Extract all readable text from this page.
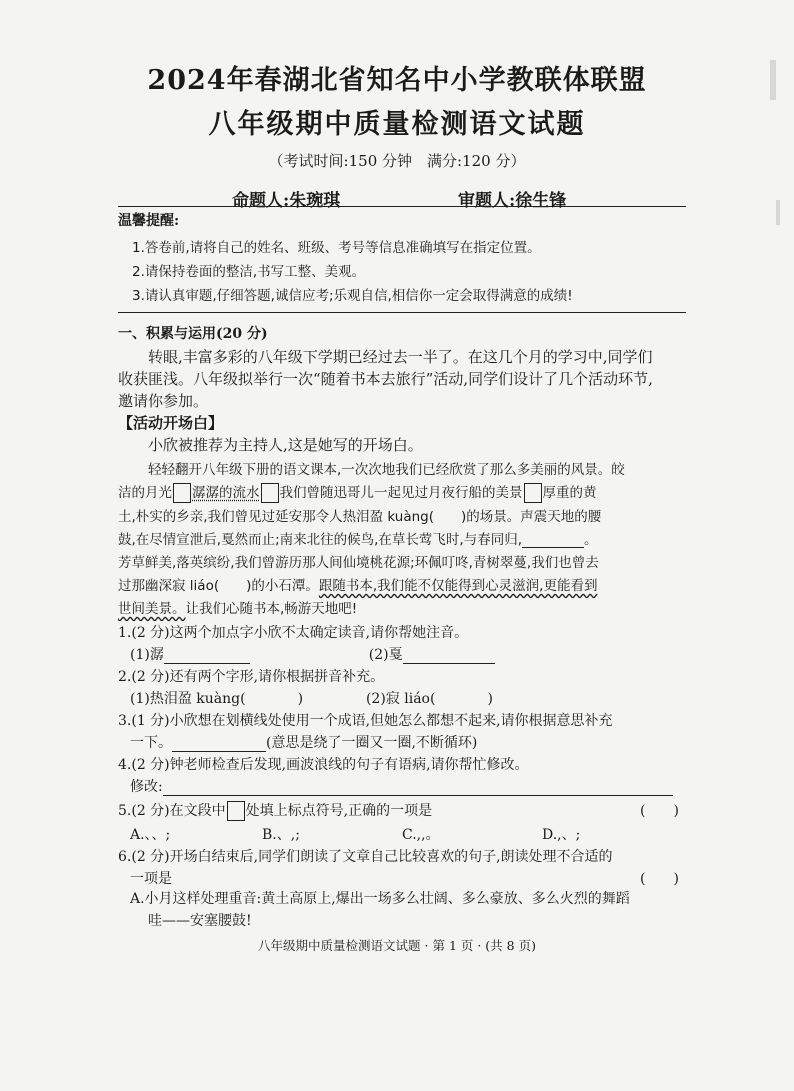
2024年春湖北省知名中小学教联体联盟
八年级期中质量检测语文试题
（考试时间:150 分钟　满分:120 分）
命题人:朱琬琪	审题人:徐生锋
温馨提醒:
1.答卷前,请将自己的姓名、班级、考号等信息准确填写在指定位置。
2.请保持卷面的整洁,书写工整、美观。
3.请认真审题,仔细答题,诚信应考;乐观自信,相信你一定会取得满意的成绩!
一、积累与运用(20 分)
转眼,丰富多彩的八年级下学期已经过去一半了。在这几个月的学习中,同学们
收获匪浅。八年级拟举行一次“随着书本去旅行”活动,同学们设计了几个活动环节,
邀请你参加。
【活动开场白】
小欣被推荐为主持人,这是她写的开场白。
轻轻翻开八年级下册的语文课本,一次次地我们已经欣赏了那么多美丽的风景。皎
洁的月光 潺潺的流水 我们曾随迅哥儿一起见过月夜行船的美景 厚重的黄
土,朴实的乡亲,我们曾见过延安那令人热泪盈 kuàng(　　)的场景。声震天地的腰
鼓,在尽情宣泄后,戛然而止;南来北往的候鸟,在草长莺飞时,与春同归,	。
芳草鲜美,落英缤纷,我们曾游历那人间仙境桃花源;环佩叮咚,青树翠蔓,我们也曾去
过那幽深寂 liáo(　　)的小石潭。跟随书本,我们能不仅能得到心灵滋润,更能看到
世间美景。让我们心随书本,畅游天地吧!
1.(2 分)这两个加点字小欣不太确定读音,请你帮她注音。
(1)潺	(2)戛
2.(2 分)还有两个字形,请你根据拼音补充。
(1)热泪盈 kuàng(	)	(2)寂 liáo(	)
3.(1 分)小欣想在划横线处使用一个成语,但她怎么都想不起来,请你根据意思补充
一下。	(意思是绕了一圈又一圈,不断循环)
4.(2 分)钟老师检查后发现,画波浪线的句子有语病,请你帮忙修改。
修改:
5.(2 分)在文段中 处填上标点符号,正确的一项是	(　　)
A.、、;	B.、,;	C.,,。	D.,、;
6.(2 分)开场白结束后,同学们朗读了文章自己比较喜欢的句子,朗读处理不合适的
一项是	(　　)
A.小月这样处理重音:黄土高原上,爆出一场多么壮阔、多么豪放、多么火烈的舞蹈
八年级期中质量检测语文试题 · 第 1 页 · (共 8 页)
哇——安塞腰鼓!
